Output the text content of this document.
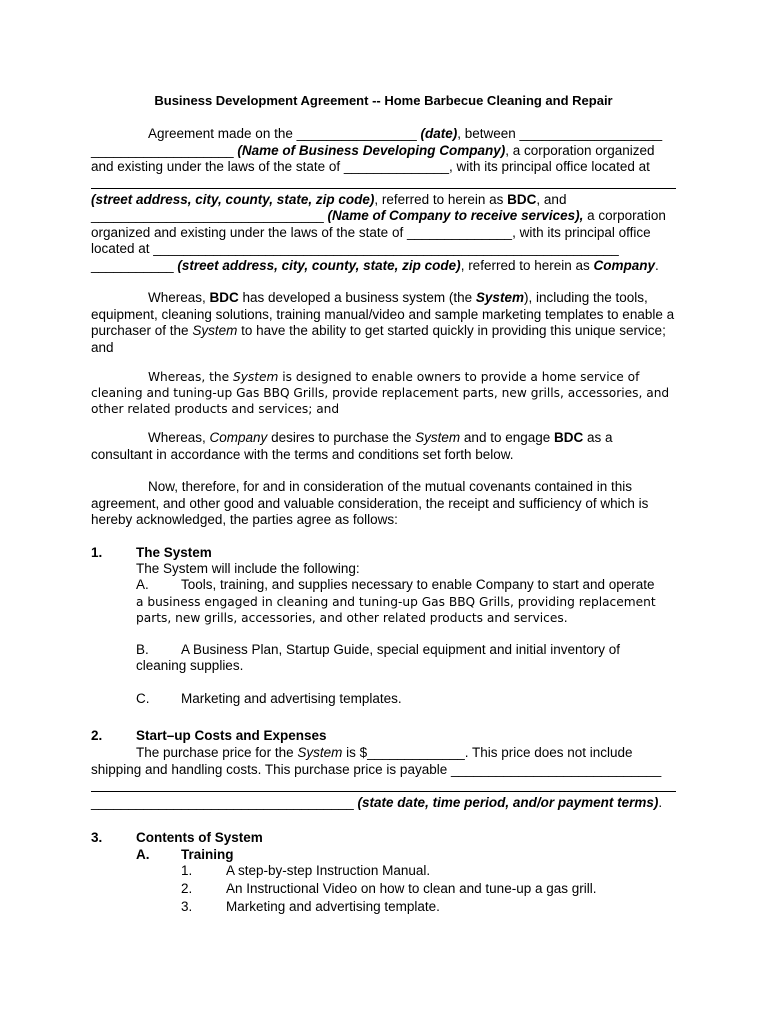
Business Development Agreement -- Home Barbecue Cleaning and Repair
Agreement made on the ________________ (date), between ___________________
___________________ (Name of Business Developing Company), a corporation organized
and existing under the laws of the state of ______________, with its principal office located at
(street address, city, county, state, zip code), referred to herein as BDC, and
_______________________________ (Name of Company to receive services), a corporation
organized and existing under the laws of the state of ______________, with its principal office
located at ______________________________________________________________
___________ (street address, city, county, state, zip code), referred to herein as Company.

Whereas, BDC has developed a business system (the System), including the tools, equipment, cleaning solutions, training manual/video and sample marketing templates to enable a purchaser of the System to have the ability to get started quickly in providing this unique service; and

Whereas, the System is designed to enable owners to provide a home service of cleaning and tuning-up Gas BBQ Grills, provide replacement parts, new grills, accessories, and other related products and services; and

Whereas, Company desires to purchase the System and to engage BDC as a
consultant in accordance with the terms and conditions set forth below.

Now, therefore, for and in consideration of the mutual covenants contained in this agreement, and other good and valuable consideration, the receipt and sufficiency of which is hereby acknowledged, the parties agree as follows:

1. The System
The System will include the following:
A. Tools, training, and supplies necessary to enable Company to start and operate
a business engaged in cleaning and tuning-up Gas BBQ Grills, providing replacement
parts, new grills, accessories, and other related products and services.
B. A Business Plan, Startup Guide, special equipment and initial inventory of
cleaning supplies.
C. Marketing and advertising templates.
2. Start–up Costs and Expenses
The purchase price for the System is $_____________. This price does not include
shipping and handling costs. This purchase price is payable ____________________________
___________________________________ (state date, time period, and/or payment terms).
3. Contents of System
A. Training
1. A step-by-step Instruction Manual.
2. An Instructional Video on how to clean and tune-up a gas grill.
3. Marketing and advertising template.
